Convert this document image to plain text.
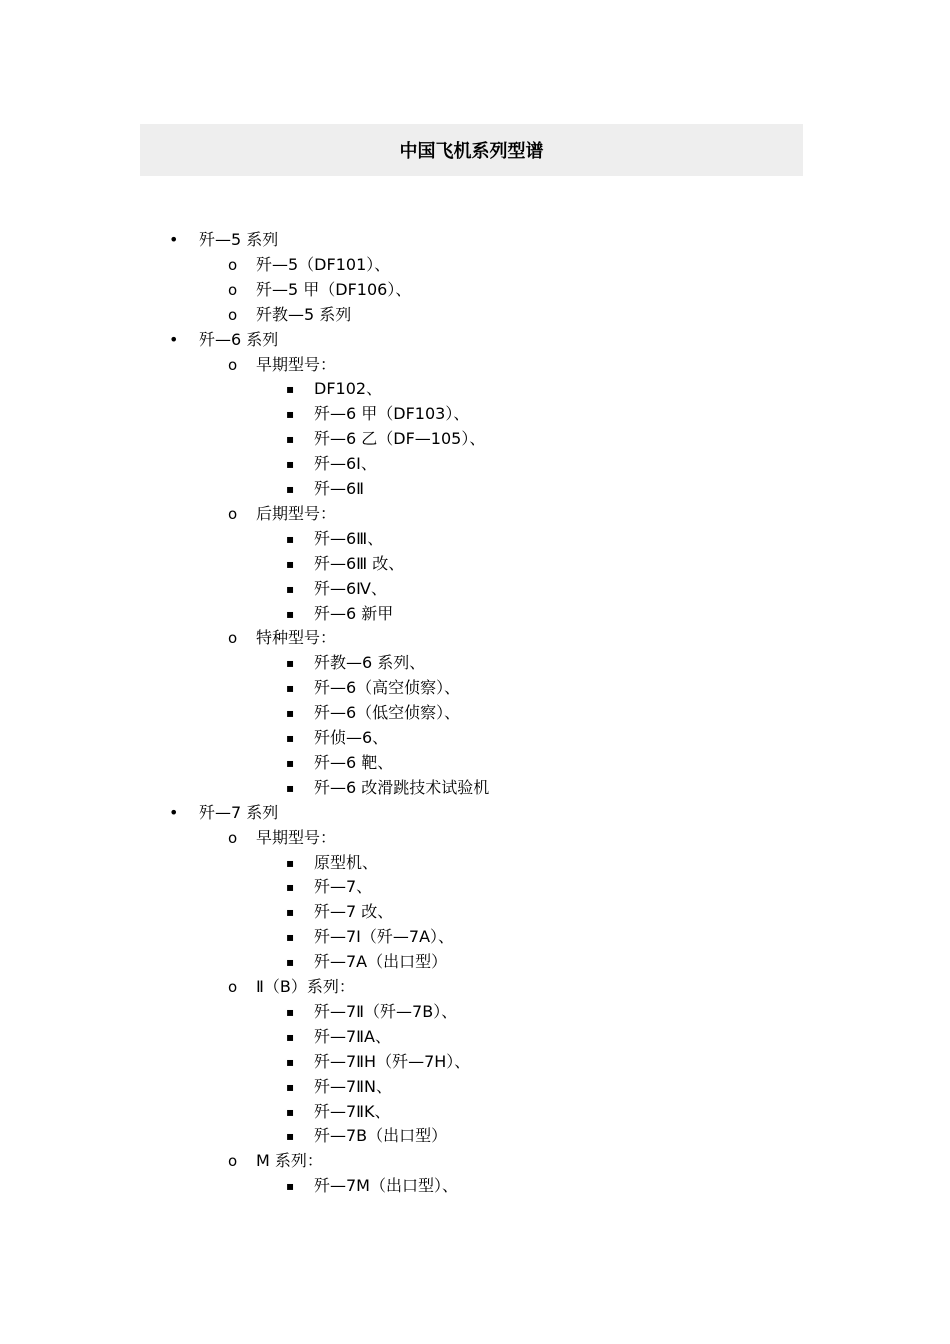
中国飞机系列型谱
• 歼—5 系列
o 歼—5（DF101）、
o 歼—5 甲（DF106）、
o 歼教—5 系列
• 歼—6 系列
o 早期型号：
▪ DF102、
▪ 歼—6 甲（DF103）、
▪ 歼—6 乙（DF—105）、
▪ 歼—6Ⅰ、
▪ 歼—6Ⅱ
o 后期型号：
▪ 歼—6Ⅲ、
▪ 歼—6Ⅲ 改、
▪ 歼—6Ⅳ、
▪ 歼—6 新甲
o 特种型号：
▪ 歼教—6 系列、
▪ 歼—6（高空侦察）、
▪ 歼—6（低空侦察）、
▪ 歼侦—6、
▪ 歼—6 靶、
▪ 歼—6 改滑跳技术试验机
• 歼—7 系列
o 早期型号：
▪ 原型机、
▪ 歼—7、
▪ 歼—7 改、
▪ 歼—7Ⅰ（歼—7A）、
▪ 歼—7A（出口型）
o Ⅱ（B）系列：
▪ 歼—7Ⅱ（歼—7B）、
▪ 歼—7ⅡA、
▪ 歼—7ⅡH（歼—7H）、
▪ 歼—7ⅡN、
▪ 歼—7ⅡK、
▪ 歼—7B（出口型）
o M 系列：
▪ 歼—7M（出口型）、
